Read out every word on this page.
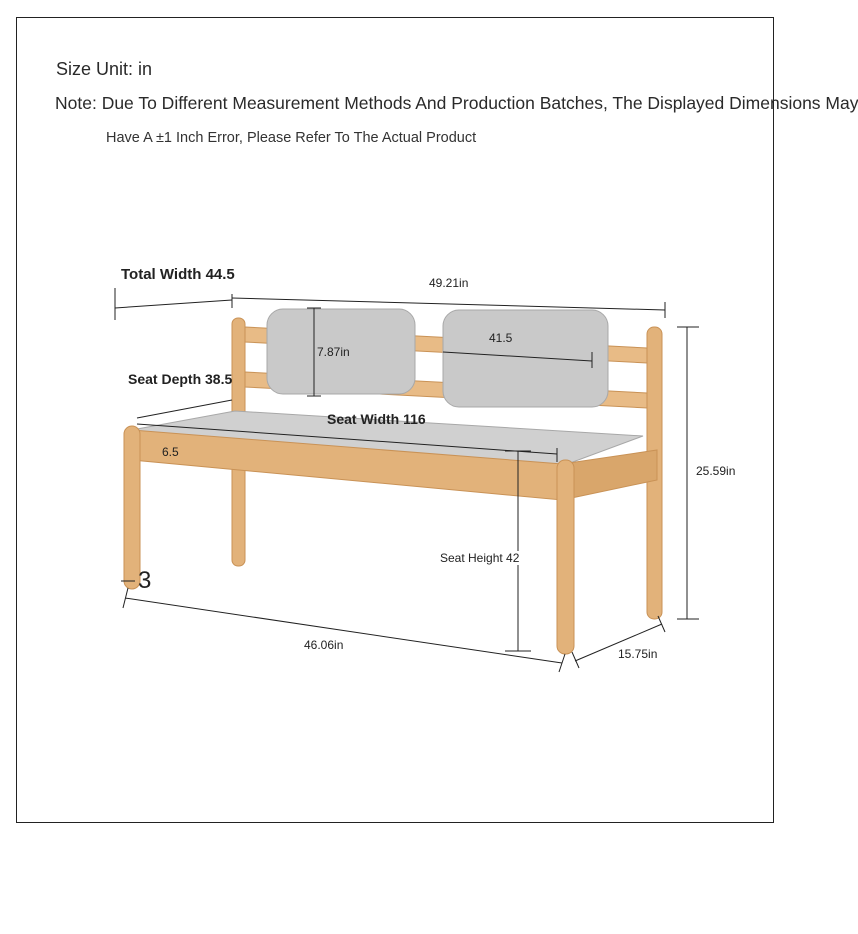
Size Unit: in
Note: Due To Different Measurement Methods And Production Batches, The Displayed Dimensions May
Have A ±1 Inch Error, Please Refer To The Actual Product
Total Width 44.5	49.21in
7.87in
41.5
Seat Depth 38.5
Seat Width 116
6.5
25.59in
Seat Height 42
3
46.06in
15.75in
